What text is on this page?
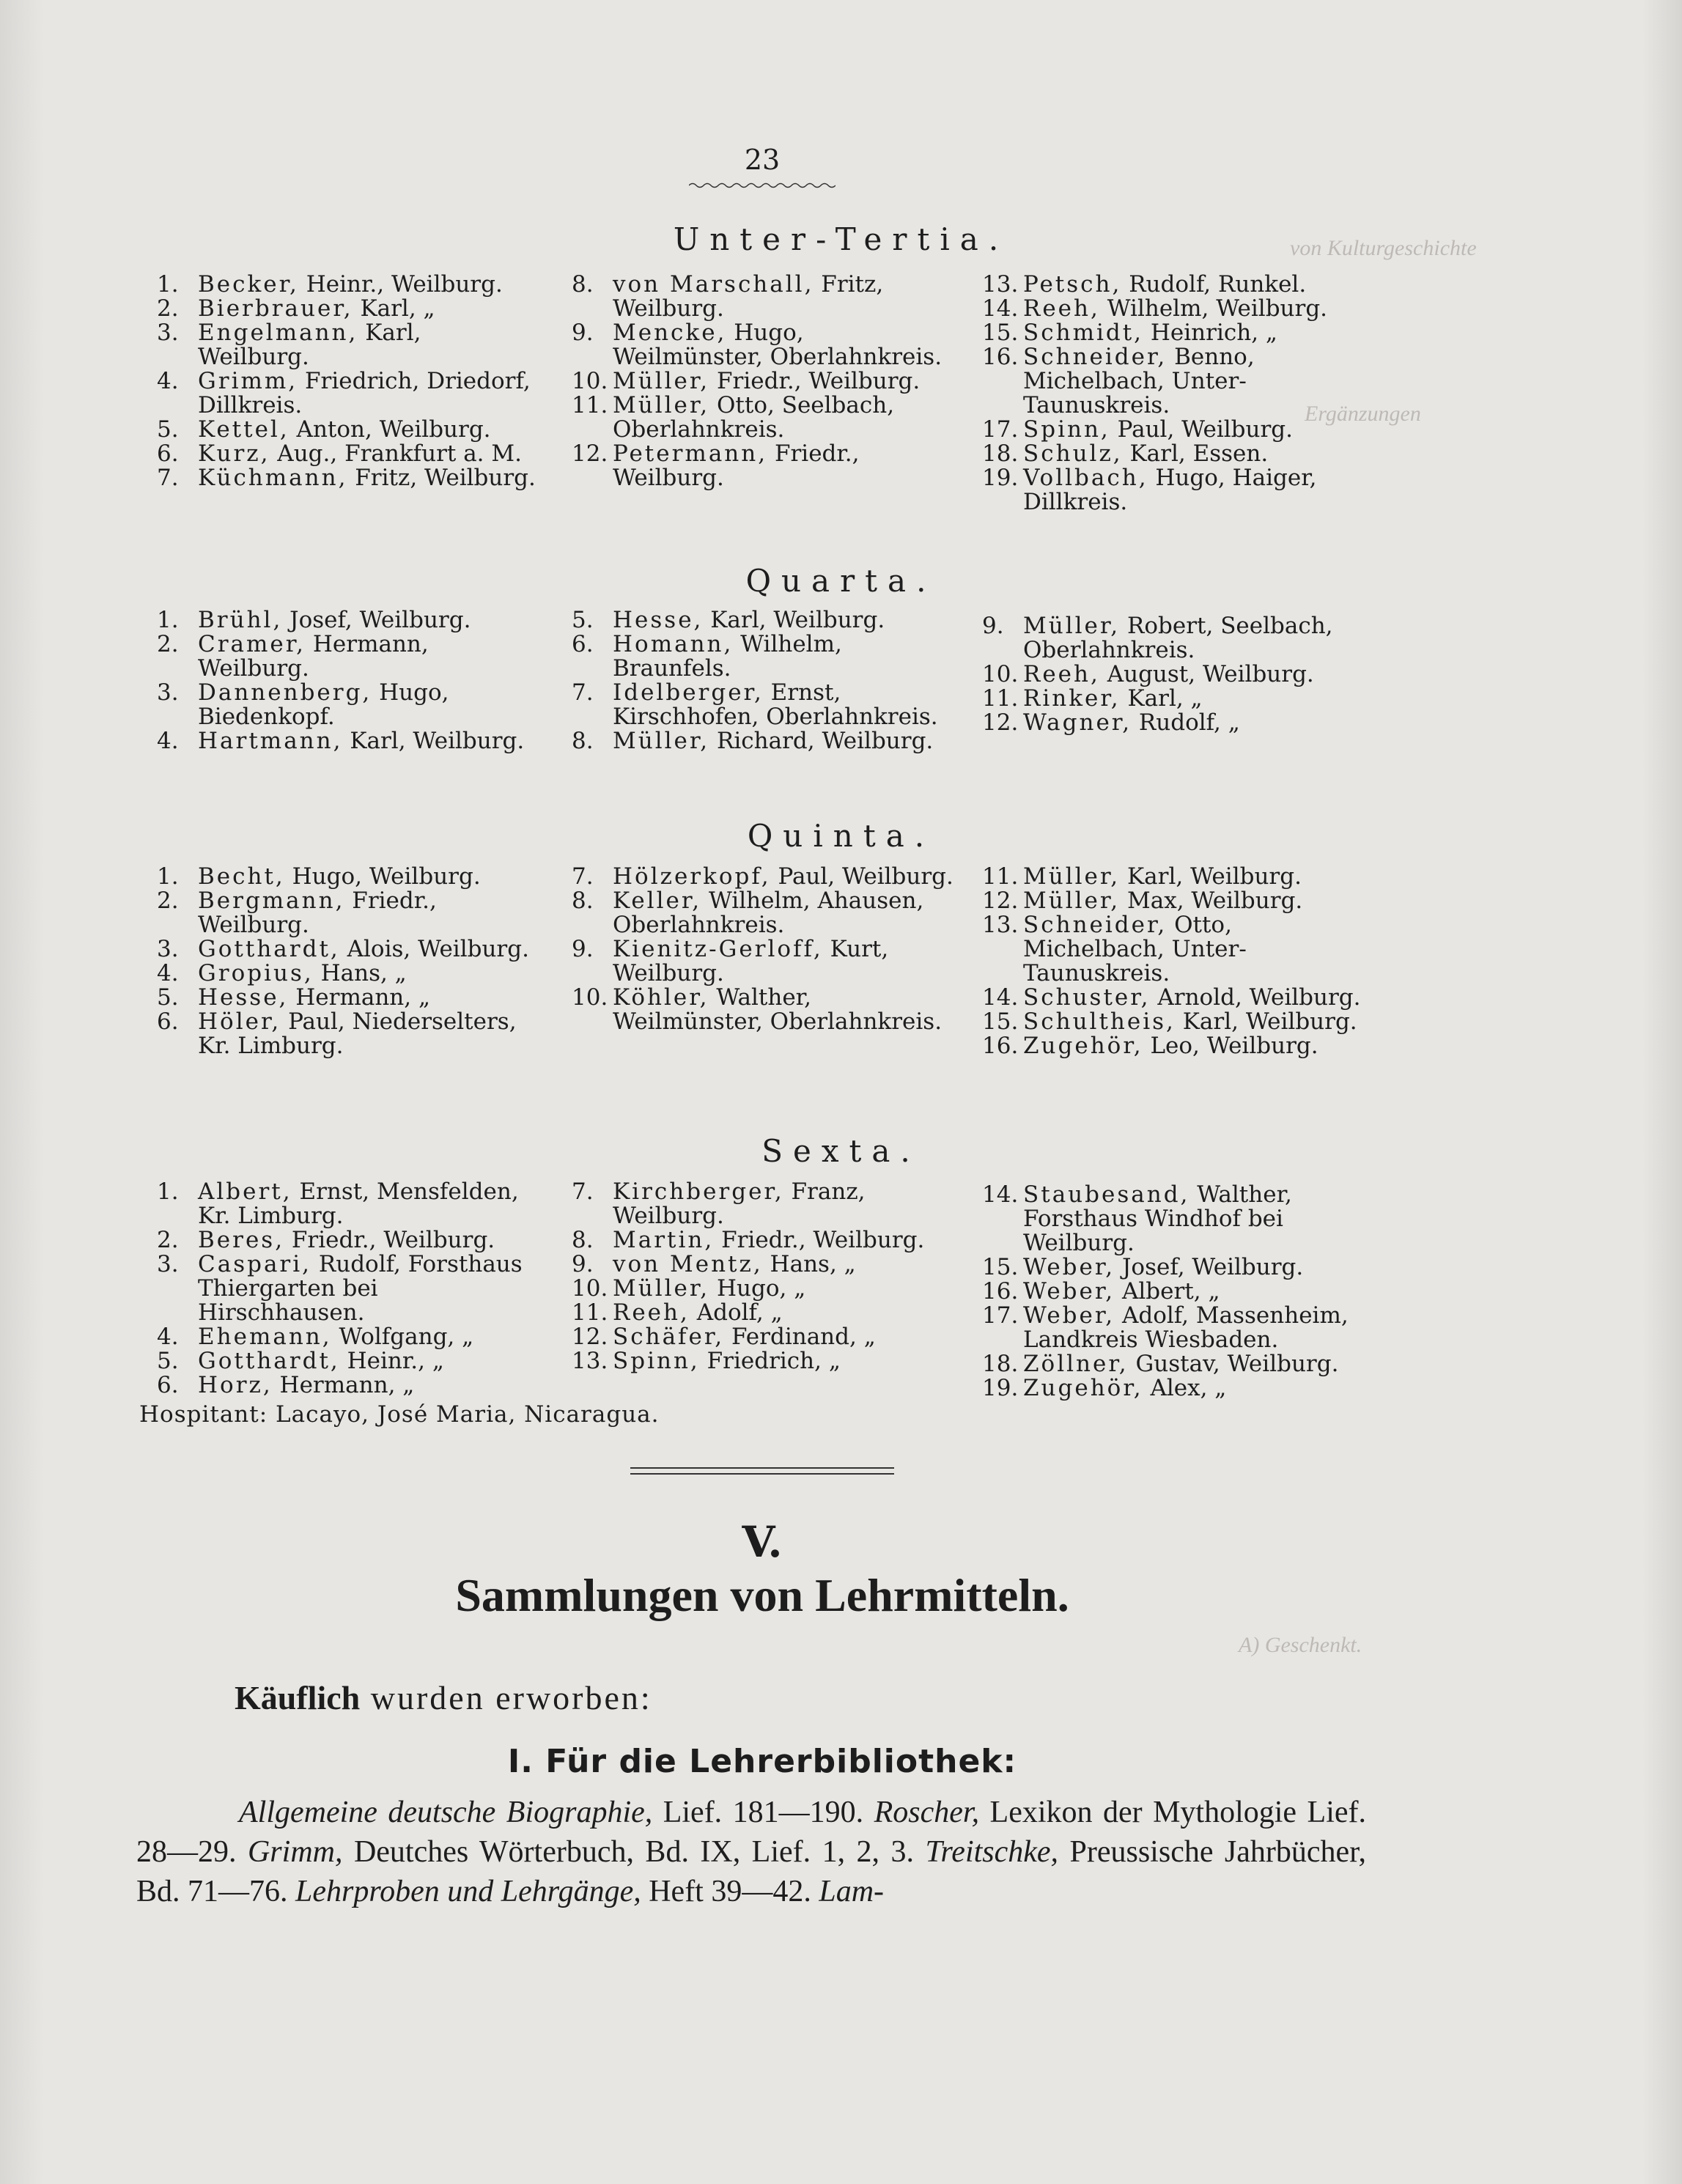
23
von Kulturgeschichte
Ergänzungen
A) Geschenkt.
Unter-Tertia.
1. Becker, Heinr., Weilburg.
2. Bierbrauer, Karl, „
3. Engelmann, Karl, Weilburg.
4. Grimm, Friedrich, Driedorf, Dillkreis.
5. Kettel, Anton, Weilburg.
6. Kurz, Aug., Frankfurt a. M.
7. Küchmann, Fritz, Weilburg.
8. von Marschall, Fritz, Weilburg.
9. Mencke, Hugo, Weilmünster, Oberlahnkreis.
10. Müller, Friedr., Weilburg.
11. Müller, Otto, Seelbach, Oberlahnkreis.
12. Petermann, Friedr., Weilburg.
13. Petsch, Rudolf, Runkel.
14. Reeh, Wilhelm, Weilburg.
15. Schmidt, Heinrich, „
16. Schneider, Benno, Michelbach, Unter-Taunuskreis.
17. Spinn, Paul, Weilburg.
18. Schulz, Karl, Essen.
19. Vollbach, Hugo, Haiger, Dillkreis.
Quarta.
1. Brühl, Josef, Weilburg.
2. Cramer, Hermann, Weilburg.
3. Dannenberg, Hugo, Biedenkopf.
4. Hartmann, Karl, Weilburg.
5. Hesse, Karl, Weilburg.
6. Homann, Wilhelm, Braunfels.
7. Idelberger, Ernst, Kirschhofen, Oberlahnkreis.
8. Müller, Richard, Weilburg.
9. Müller, Robert, Seelbach, Oberlahnkreis.
10. Reeh, August, Weilburg.
11. Rinker, Karl, „
12. Wagner, Rudolf, „
Quinta.
1. Becht, Hugo, Weilburg.
2. Bergmann, Friedr., Weilburg.
3. Gotthardt, Alois, Weilburg.
4. Gropius, Hans, „
5. Hesse, Hermann, „
6. Höler, Paul, Niederselters, Kr. Limburg.
7. Hölzerkopf, Paul, Weilburg.
8. Keller, Wilhelm, Ahausen, Oberlahnkreis.
9. Kienitz-Gerloff, Kurt, Weilburg.
10. Köhler, Walther, Weilmünster, Oberlahnkreis.
11. Müller, Karl, Weilburg.
12. Müller, Max, Weilburg.
13. Schneider, Otto, Michelbach, Unter-Taunuskreis.
14. Schuster, Arnold, Weilburg.
15. Schultheis, Karl, Weilburg.
16. Zugehör, Leo, Weilburg.
Sexta.
1. Albert, Ernst, Mensfelden, Kr. Limburg.
2. Beres, Friedr., Weilburg.
3. Caspari, Rudolf, Forsthaus Thiergarten bei Hirschhausen.
4. Ehemann, Wolfgang, „
5. Gotthardt, Heinr., „
6. Horz, Hermann, „
7. Kirchberger, Franz, Weilburg.
8. Martin, Friedr., Weilburg.
9. von Mentz, Hans, „
10. Müller, Hugo, „
11. Reeh, Adolf, „
12. Schäfer, Ferdinand, „
13. Spinn, Friedrich, „
14. Staubesand, Walther, Forsthaus Windhof bei Weilburg.
15. Weber, Josef, Weilburg.
16. Weber, Albert, „
17. Weber, Adolf, Massenheim, Landkreis Wiesbaden.
18. Zöllner, Gustav, Weilburg.
19. Zugehör, Alex, „
Hospitant: Lacayo, José Maria, Nicaragua.
V.
Sammlungen von Lehrmitteln.
Käuflich wurden erworben:
I. Für die Lehrerbibliothek:
Allgemeine deutsche Biographie, Lief. 181—190. Roscher, Lexikon der Mythologie Lief. 28—29. Grimm, Deutches Wörterbuch, Bd. IX, Lief. 1, 2, 3. Treitschke, Preussische Jahrbücher, Bd. 71—76. Lehrproben und Lehrgänge, Heft 39—42. Lam-
